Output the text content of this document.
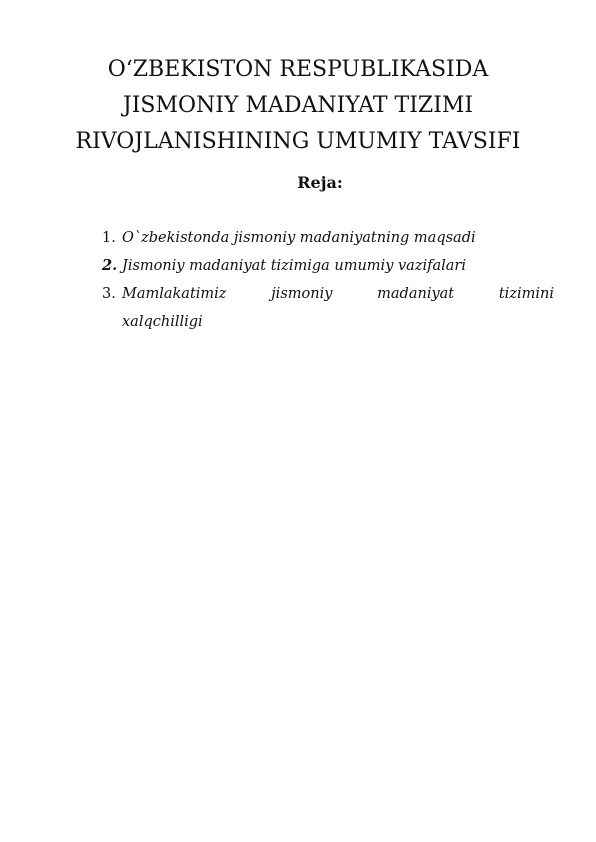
O‘ZBEKISTON RESPUBLIKASIDA
JISMONIY MADANIYAT TIZIMI
RIVOJLANISHINING UMUMIY TAVSIFI
Reja:
1. O`zbekistonda jismoniy madaniyatning maqsadi
2. Jismoniy madaniyat tizimiga umumiy vazifalari
3. Mamlakatimiz	jismoniy	madaniyat	tizimini
xalqchilligi
